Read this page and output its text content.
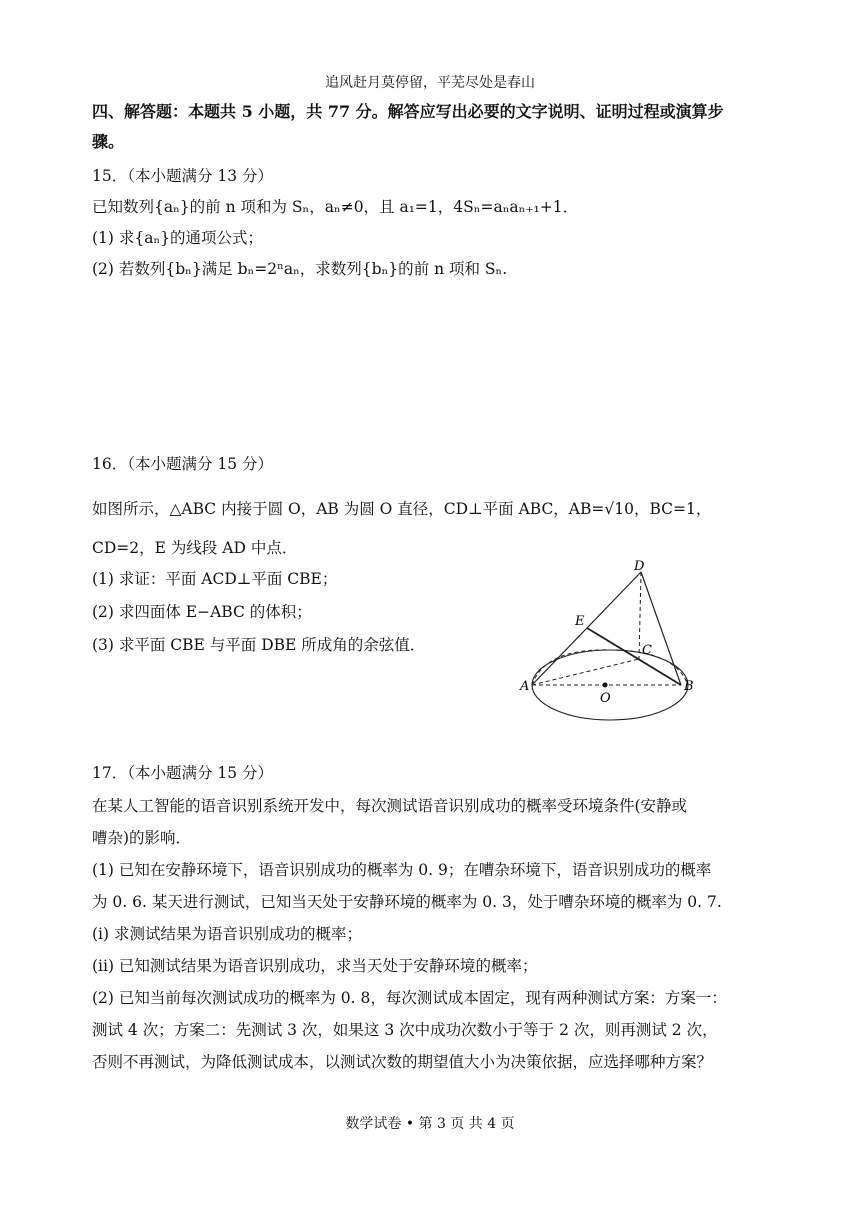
追风赶月莫停留，平芜尽处是春山
四、解答题：本题共 5 小题，共 77 分。解答应写出必要的文字说明、证明过程或演算步
骤。
15．（本小题满分 13 分）
已知数列{aₙ}的前 n 项和为 Sₙ，aₙ≠0，且 a₁=1，4Sₙ=aₙaₙ₊₁+1．
(1) 求{aₙ}的通项公式；
(2) 若数列{bₙ}满足 bₙ=2ⁿaₙ，求数列{bₙ}的前 n 项和 Sₙ.
16．（本小题满分 15 分）
如图所示，△ABC 内接于圆 O，AB 为圆 O 直径，CD⊥平面 ABC，AB=√10，BC=1，
CD=2，E 为线段 AD 中点．
(1) 求证：平面 ACD⊥平面 CBE；
(2) 求四面体 E−ABC 的体积；
(3) 求平面 CBE 与平面 DBE 所成角的余弦值．
D
E
C
A
O
B
17．（本小题满分 15 分）
在某人工智能的语音识别系统开发中，每次测试语音识别成功的概率受环境条件(安静或
嘈杂)的影响．
(1) 已知在安静环境下，语音识别成功的概率为 0. 9；在嘈杂环境下，语音识别成功的概率
为 0. 6. 某天进行测试，已知当天处于安静环境的概率为 0. 3，处于嘈杂环境的概率为 0. 7.
(i) 求测试结果为语音识别成功的概率；
(ii) 已知测试结果为语音识别成功，求当天处于安静环境的概率；
(2) 已知当前每次测试成功的概率为 0. 8，每次测试成本固定，现有两种测试方案：方案一：
测试 4 次；方案二：先测试 3 次，如果这 3 次中成功次数小于等于 2 次，则再测试 2 次，
否则不再测试，为降低测试成本，以测试次数的期望值大小为决策依据，应选择哪种方案？
数学试卷 • 第 3 页 共 4 页
